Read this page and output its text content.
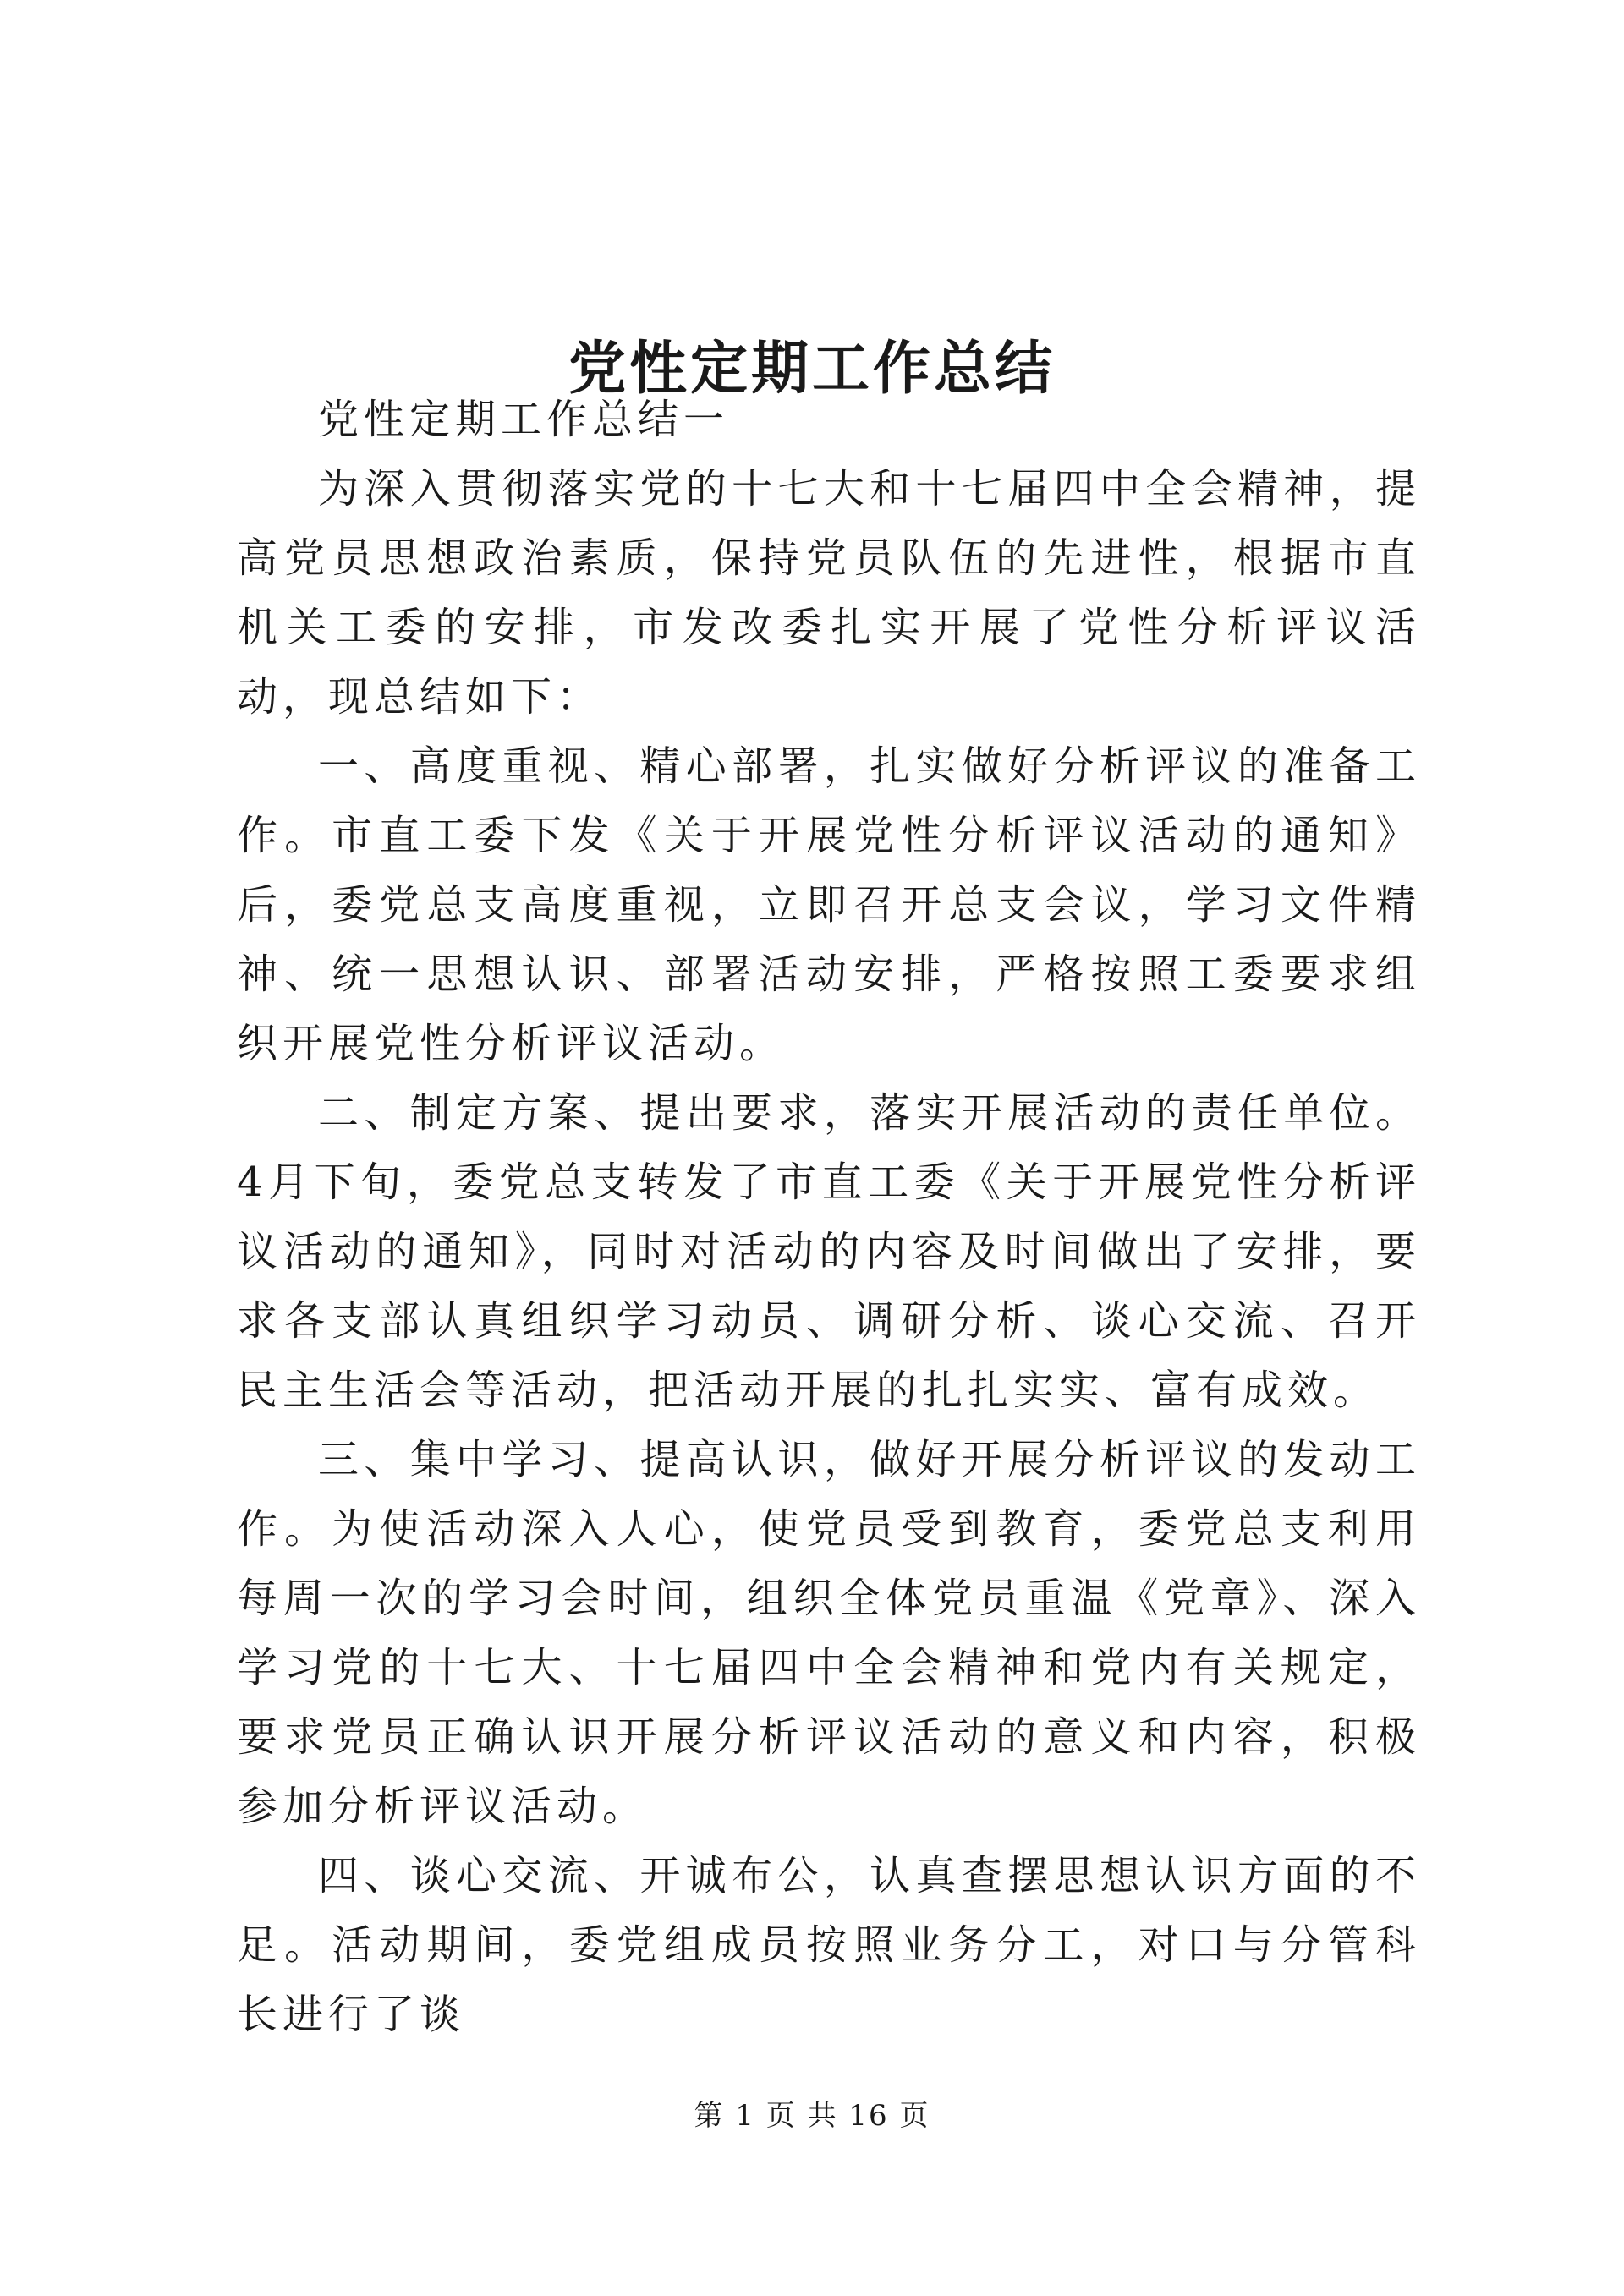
党性定期工作总结

党性定期工作总结一

为深入贯彻落实党的十七大和十七届四中全会精神，提高党员思想政治素质，保持党员队伍的先进性，根据市直机关工委的安排，市发改委扎实开展了党性分析评议活动，现总结如下：

一、高度重视、精心部署，扎实做好分析评议的准备工作。市直工委下发《关于开展党性分析评议活动的通知》后，委党总支高度重视，立即召开总支会议，学习文件精神、统一思想认识、部署活动安排，严格按照工委要求组织开展党性分析评议活动。

二、制定方案、提出要求，落实开展活动的责任单位。4月下旬，委党总支转发了市直工委《关于开展党性分析评议活动的通知》，同时对活动的内容及时间做出了安排，要求各支部认真组织学习动员、调研分析、谈心交流、召开民主生活会等活动，把活动开展的扎扎实实、富有成效。

三、集中学习、提高认识，做好开展分析评议的发动工作。为使活动深入人心，使党员受到教育，委党总支利用每周一次的学习会时间，组织全体党员重温《党章》、深入学习党的十七大、十七届四中全会精神和党内有关规定，要求党员正确认识开展分析评议活动的意义和内容，积极参加分析评议活动。

四、谈心交流、开诚布公，认真查摆思想认识方面的不足。活动期间，委党组成员按照业务分工，对口与分管科长进行了谈

第 1 页 共 16 页
